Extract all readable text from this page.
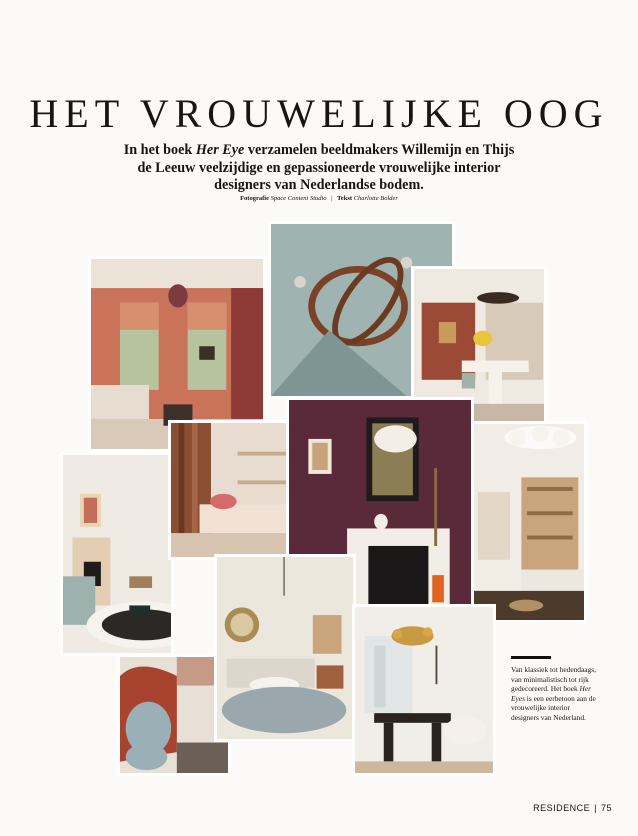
HET VROUWELIJKE OOG
In het boek Her Eye verzamelen beeldmakers Willemijn en Thijs de Leeuw veelzijdige en gepassioneerde vrouwelijke interior designers van Nederlandse bodem.
Fotografie Space Content Studio | Tekst Charlotte Bolder
Van klassiek tot hedendaags, van minimalistisch tot rijk gedecoreerd. Het boek Her Eyes is een eerbetoon aan de vrouwelijke interior designers van Nederland.
RESIDENCE | 75
